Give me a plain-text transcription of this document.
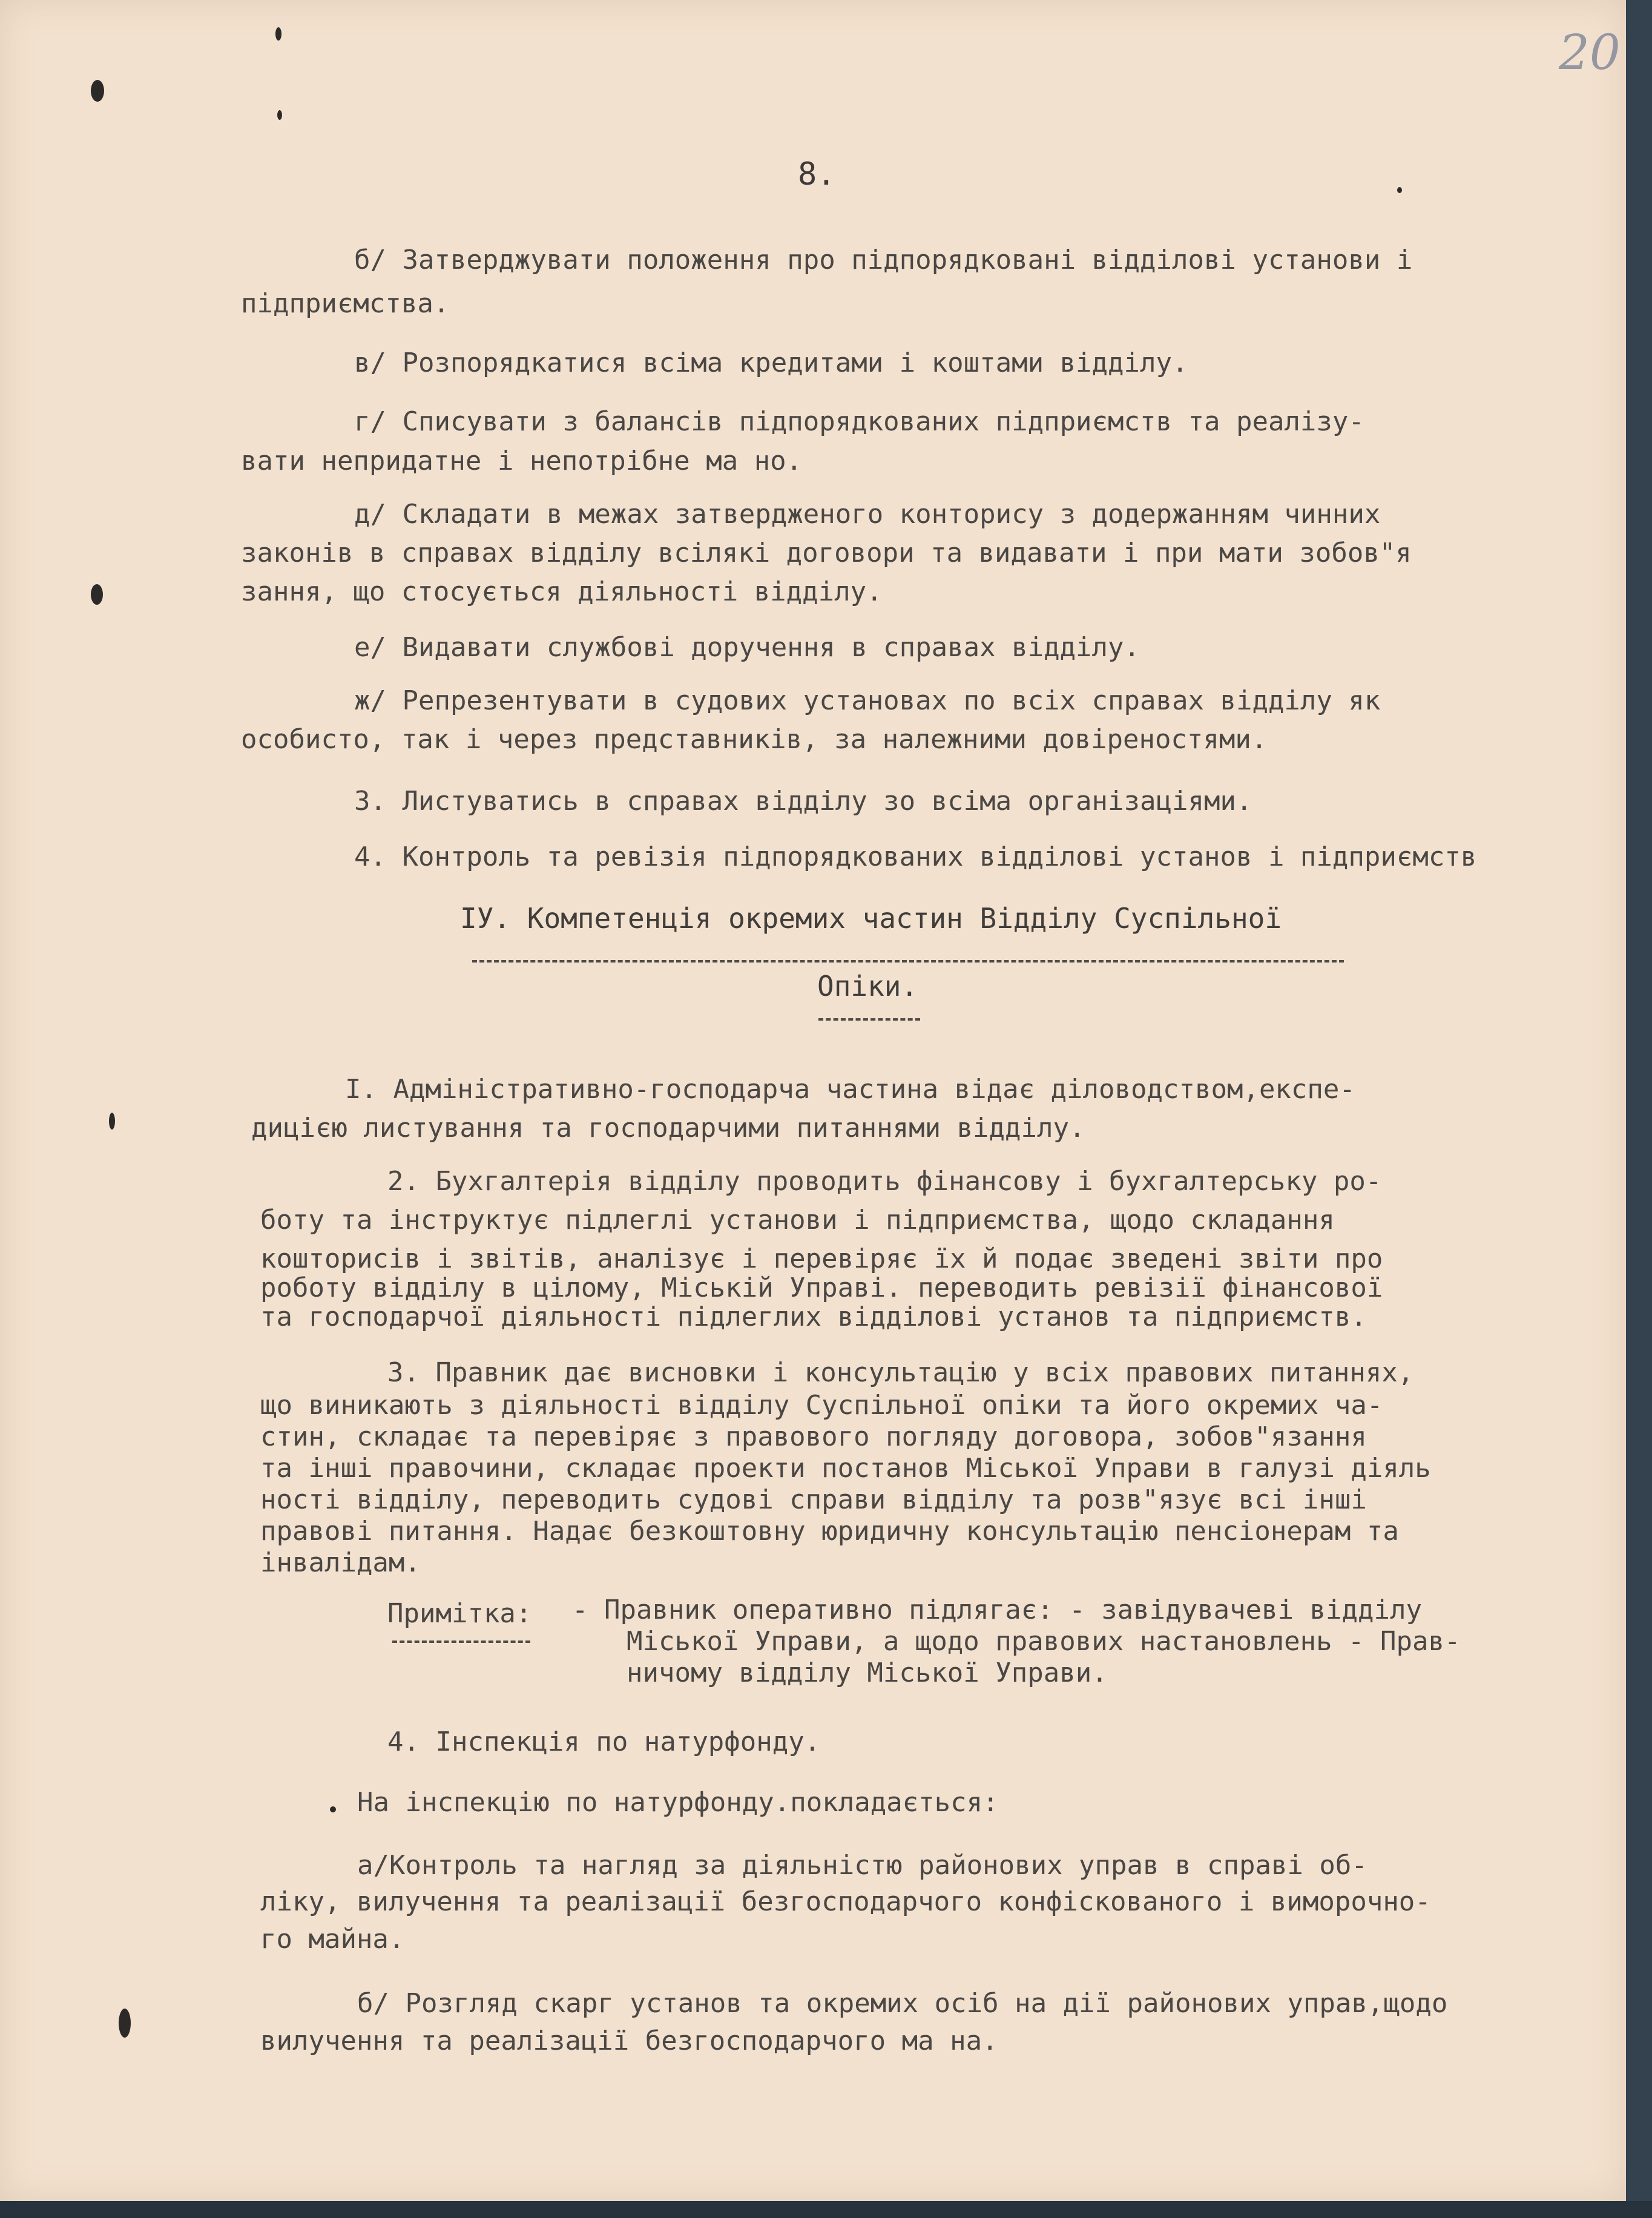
20
8.
б/ Затверджувати положення про підпорядковані відділові установи і
підприємства.
в/ Розпорядкатися всіма кредитами і коштами відділу.
г/ Списувати з балансів підпорядкованих підприємств та реалізу-
вати непридатне і непотрібне ма но.
д/ Складати в межах затвердженого конторису з додержанням чинних
законів в справах відділу всілякі договори та видавати і при мати зобов"я
зання, що стосується діяльності відділу.
е/ Видавати службові доручення в справах відділу.
ж/ Репрезентувати в судових установах по всіх справах відділу як
особисто, так і через представників, за належними довіреностями.
3. Листуватись в справах відділу зо всіма організаціями.
4. Контроль та ревізія підпорядкованих відділові установ і підприємств
IУ. Компетенція окремих частин Відділу Суспільної
Опіки.
I. Адміністративно-господарча частина відає діловодством,експе-
дицією листування та господарчими питаннями відділу.
2. Бухгалтерія відділу проводить фінансову і бухгалтерську ро-
боту та інструктує підлеглі установи і підприємства, щодо складання
кошторисів і звітів, аналізує і перевіряє їх й подає зведені звіти про
роботу відділу в цілому, Міській Управі. переводить ревізії фінансової
та господарчої діяльності підлеглих відділові установ та підприємств.
3. Правник дає висновки і консультацію у всіх правових питаннях,
що виникають з діяльності відділу Суспільної опіки та його окремих ча-
стин, складає та перевіряє з правового погляду договора, зобов"язання
та інші правочини, складає проекти постанов Міської Управи в галузі діяль
ності відділу, переводить судові справи відділу та розв"язує всі інші
правові питання. Надає безкоштовну юридичну консультацію пенсіонерам та
інвалідам.
Примітка: - Правник оперативно підлягає: - завідувачеві відділу
Міської Управи, а щодо правових настановлень - Прав-
ничому відділу Міської Управи.
4. Інспекція по натурфонду.
На інспекцію по натурфонду.покладається:
а/Контроль та нагляд за діяльністю районових управ в справі об-
ліку, вилучення та реалізації безгосподарчого конфіскованого і виморочно-
го майна.
б/ Розгляд скарг установ та окремих осіб на дії районових управ,щодо
вилучення та реалізації безгосподарчого ма на.
